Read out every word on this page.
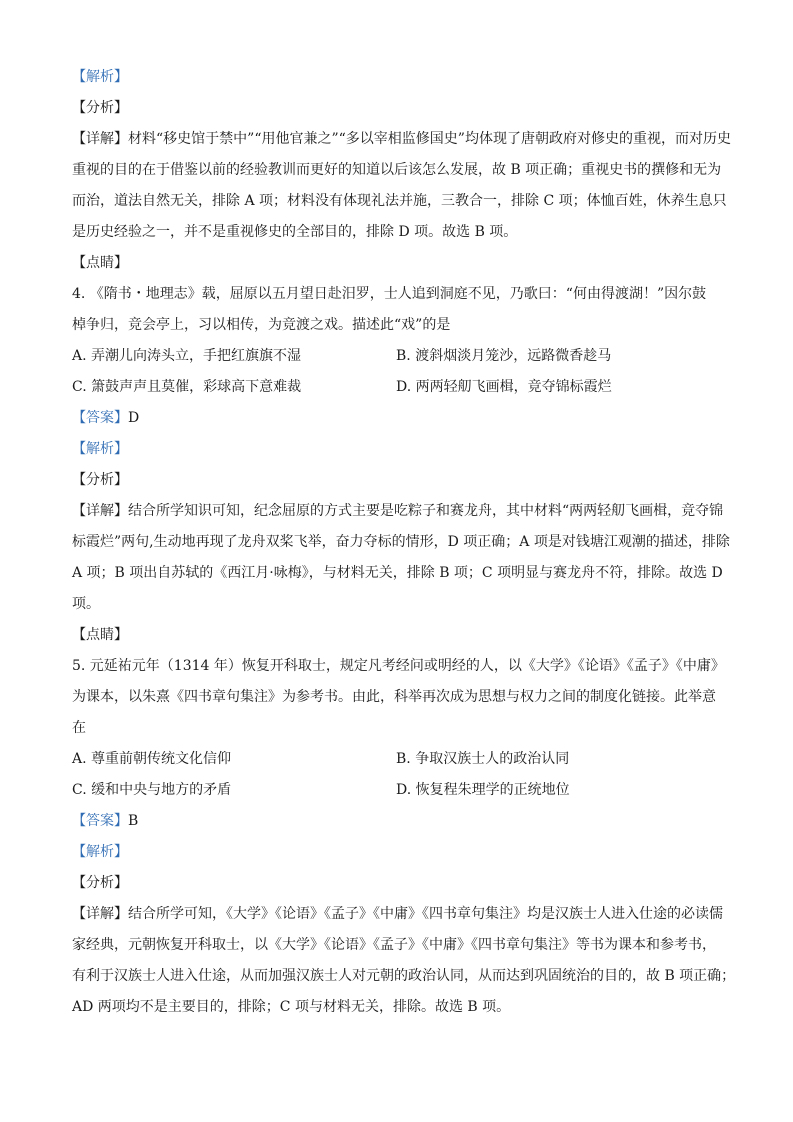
【解析】
【分析】
【详解】材料“移史馆于禁中”“用他官兼之”“多以宰相监修国史”均体现了唐朝政府对修史的重视，而对历史
重视的目的在于借鉴以前的经验教训而更好的知道以后该怎么发展，故 B 项正确；重视史书的撰修和无为
而治，道法自然无关，排除 A 项；材料没有体现礼法并施，三教合一，排除 C 项；体恤百姓，休养生息只
是历史经验之一，并不是重视修史的全部目的，排除 D 项。故选 B 项。
【点睛】
4. 《隋书・地理志》载，屈原以五月望日赴汨罗，士人追到洞庭不见，乃歌曰：“何由得渡湖！”因尔鼓
棹争归，竞会亭上，习以相传，为竞渡之戏。描述此“戏”的是
A. 弄潮儿向涛头立，手把红旗旗不湿	B. 渡斜烟淡月笼沙，远路微香趁马
C. 箫鼓声声且莫催，彩球高下意难裁	D. 两两轻舠飞画楫，竞夺锦标霞烂
【答案】D
【解析】
【分析】
【详解】结合所学知识可知，纪念屈原的方式主要是吃粽子和赛龙舟，其中材料“两两轻舠飞画楫，竞夺锦
标霞烂”两句,生动地再现了龙舟双桨飞举，奋力夺标的情形，D 项正确；A 项是对钱塘江观潮的描述，排除
A 项；B 项出自苏轼的《西江月·咏梅》，与材料无关，排除 B 项；C 项明显与赛龙舟不符，排除。故选 D
项。
【点睛】
5. 元延祐元年（1314 年）恢复开科取士，规定凡考经问或明经的人，以《大学》《论语》《孟子》《中庸》
为课本，以朱熹《四书章句集注》为参考书。由此，科举再次成为思想与权力之间的制度化链接。此举意
在
A. 尊重前朝传统文化信仰	B. 争取汉族士人的政治认同
C. 缓和中央与地方的矛盾	D. 恢复程朱理学的正统地位
【答案】B
【解析】
【分析】
【详解】结合所学可知，《大学》《论语》《孟子》《中庸》《四书章句集注》均是汉族士人进入仕途的必读儒
家经典，元朝恢复开科取士，以《大学》《论语》《孟子》《中庸》《四书章句集注》等书为课本和参考书，
有利于汉族士人进入仕途，从而加强汉族士人对元朝的政治认同，从而达到巩固统治的目的，故 B 项正确；
AD 两项均不是主要目的，排除；C 项与材料无关，排除。故选 B 项。
